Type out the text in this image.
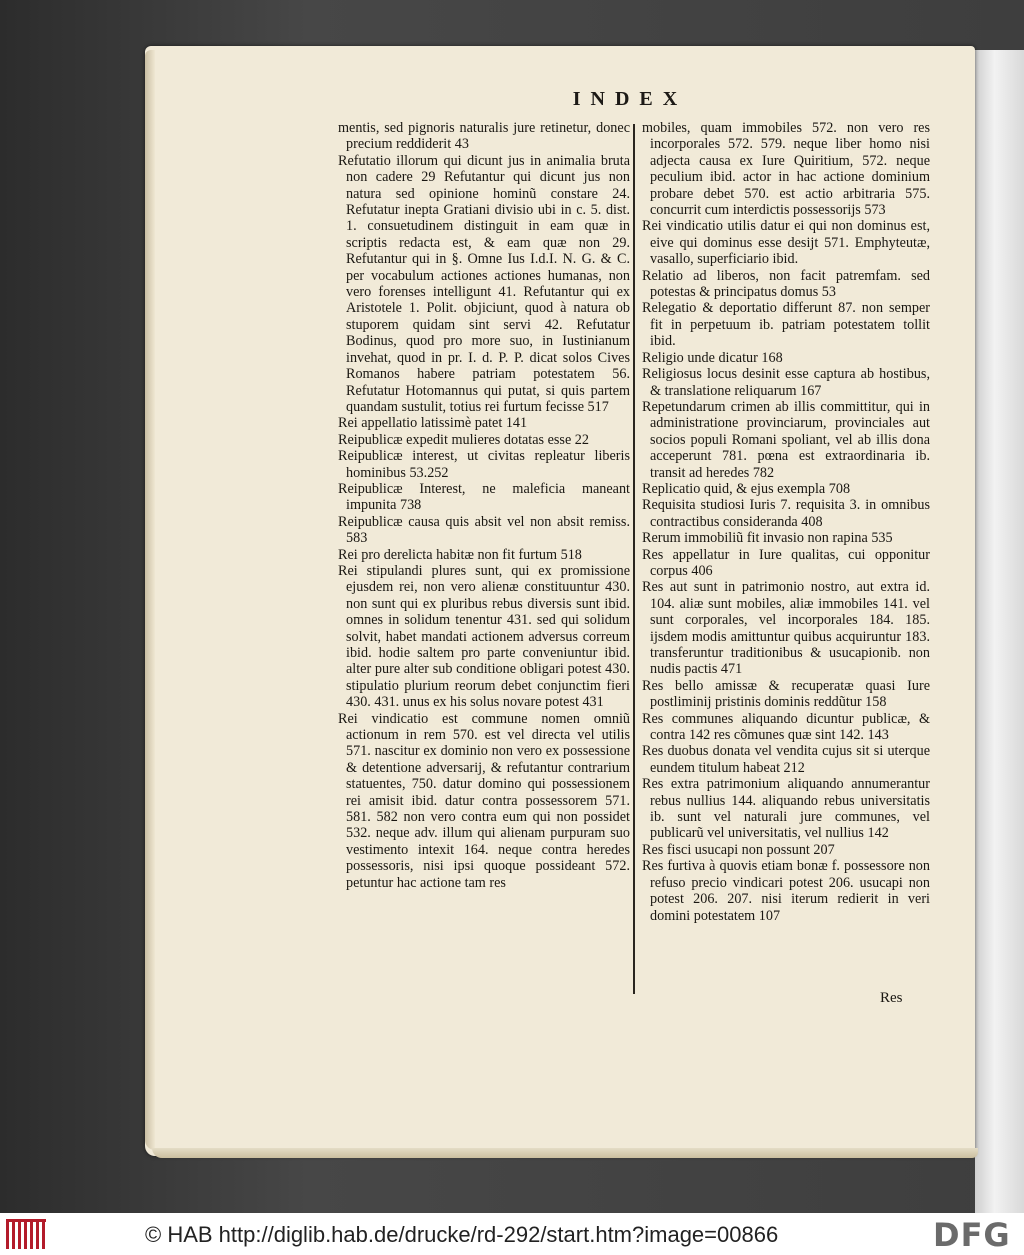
INDEX

mentis, sed pignoris naturalis jure retinetur, donec precium reddiderit 43

Refutatio illorum qui dicunt jus in animalia bruta non cadere 29 Refutantur qui dicunt jus non natura sed opinione hominũ constare 24. Refutatur inepta Gratiani divisio ubi in c. 5. dist. 1. consuetudinem distinguit in eam quæ in scriptis redacta est, & eam quæ non 29. Refutantur qui in §. Omne Ius I.d.I. N. G. & C. per vocabulum actiones actiones humanas, non vero forenses intelligunt 41. Refutantur qui ex Aristotele 1. Polit. objiciunt, quod à natura ob stuporem quidam sint servi 42. Refutatur Bodinus, quod pro more suo, in Iustinianum invehat, quod in pr. I. d. P. P. dicat solos Cives Romanos habere patriam potestatem 56. Refutatur Hotomannus qui putat, si quis partem quandam sustulit, totius rei furtum fecisse 517

Rei appellatio latissimè patet 141

Reipublicæ expedit mulieres dotatas esse 22

Reipublicæ interest, ut civitas repleatur liberis hominibus 53.252

Reipublicæ Interest, ne maleficia maneant impunita 738

Reipublicæ causa quis absit vel non absit remiss. 583

Rei pro derelicta habitæ non fit furtum 518

Rei stipulandi plures sunt, qui ex promissione ejusdem rei, non vero alienæ constituuntur 430. non sunt qui ex pluribus rebus diversis sunt ibid. omnes in solidum tenentur 431. sed qui solidum solvit, habet mandati actionem adversus correum ibid. hodie saltem pro parte conveniuntur ibid. alter pure alter sub conditione obligari potest 430. stipulatio plurium reorum debet conjunctim fieri 430. 431. unus ex his solus novare potest 431

Rei vindicatio est commune nomen omniũ actionum in rem 570. est vel directa vel utilis 571. nascitur ex dominio non vero ex possessione & detentione adversarij, & refutantur contrarium statuentes, 750. datur domino qui possessionem rei amisit ibid. datur contra possessorem 571. 581. 582 non vero contra eum qui non possidet 532. neque adv. illum qui alienam purpuram suo vestimento intexit 164. neque contra heredes possessoris, nisi ipsi quoque possideant 572. petuntur hac actione tam res

mobiles, quam immobiles 572. non vero res incorporales 572. 579. neque liber homo nisi adjecta causa ex Iure Quiritium, 572. neque peculium ibid. actor in hac actione dominium probare debet 570. est actio arbitraria 575. concurrit cum interdictis possessorijs 573

Rei vindicatio utilis datur ei qui non dominus est, eive qui dominus esse desijt 571. Emphyteutæ, vasallo, superficiario ibid.

Relatio ad liberos, non facit patremfam. sed potestas & principatus domus 53

Relegatio & deportatio differunt 87. non semper fit in perpetuum ib. patriam potestatem tollit ibid.

Religio unde dicatur 168

Religiosus locus desinit esse captura ab hostibus, & translatione reliquarum 167

Repetundarum crimen ab illis committitur, qui in administratione provinciarum, provinciales aut socios populi Romani spoliant, vel ab illis dona acceperunt 781. pœna est extraordinaria ib. transit ad heredes 782

Replicatio quid, & ejus exempla 708

Requisita studiosi Iuris 7. requisita 3. in omnibus contractibus consideranda 408

Rerum immobiliũ fit invasio non rapina 535

Res appellatur in Iure qualitas, cui opponitur corpus 406

Res aut sunt in patrimonio nostro, aut extra id. 104. aliæ sunt mobiles, aliæ immobiles 141. vel sunt corporales, vel incorporales 184. 185. ijsdem modis amittuntur quibus acquiruntur 183. transferuntur traditionibus & usucapionib. non nudis pactis 471

Res bello amissæ & recuperatæ quasi Iure postliminij pristinis dominis reddũtur 158

Res communes aliquando dicuntur publicæ, & contra 142 res cõmunes quæ sint 142. 143

Res duobus donata vel vendita cujus sit si uterque eundem titulum habeat 212

Res extra patrimonium aliquando annumerantur rebus nullius 144. aliquando rebus universitatis ib. sunt vel naturali jure communes, vel publicarũ vel universitatis, vel nullius 142

Res fisci usucapi non possunt 207

Res furtiva à quovis etiam bonæ f. possessore non refuso precio vindicari potest 206. usucapi non potest 206. 207. nisi iterum redierit in veri domini potestatem 107

Res
© HAB http://diglib.hab.de/drucke/rd-292/start.htm?image=00866	DFG
